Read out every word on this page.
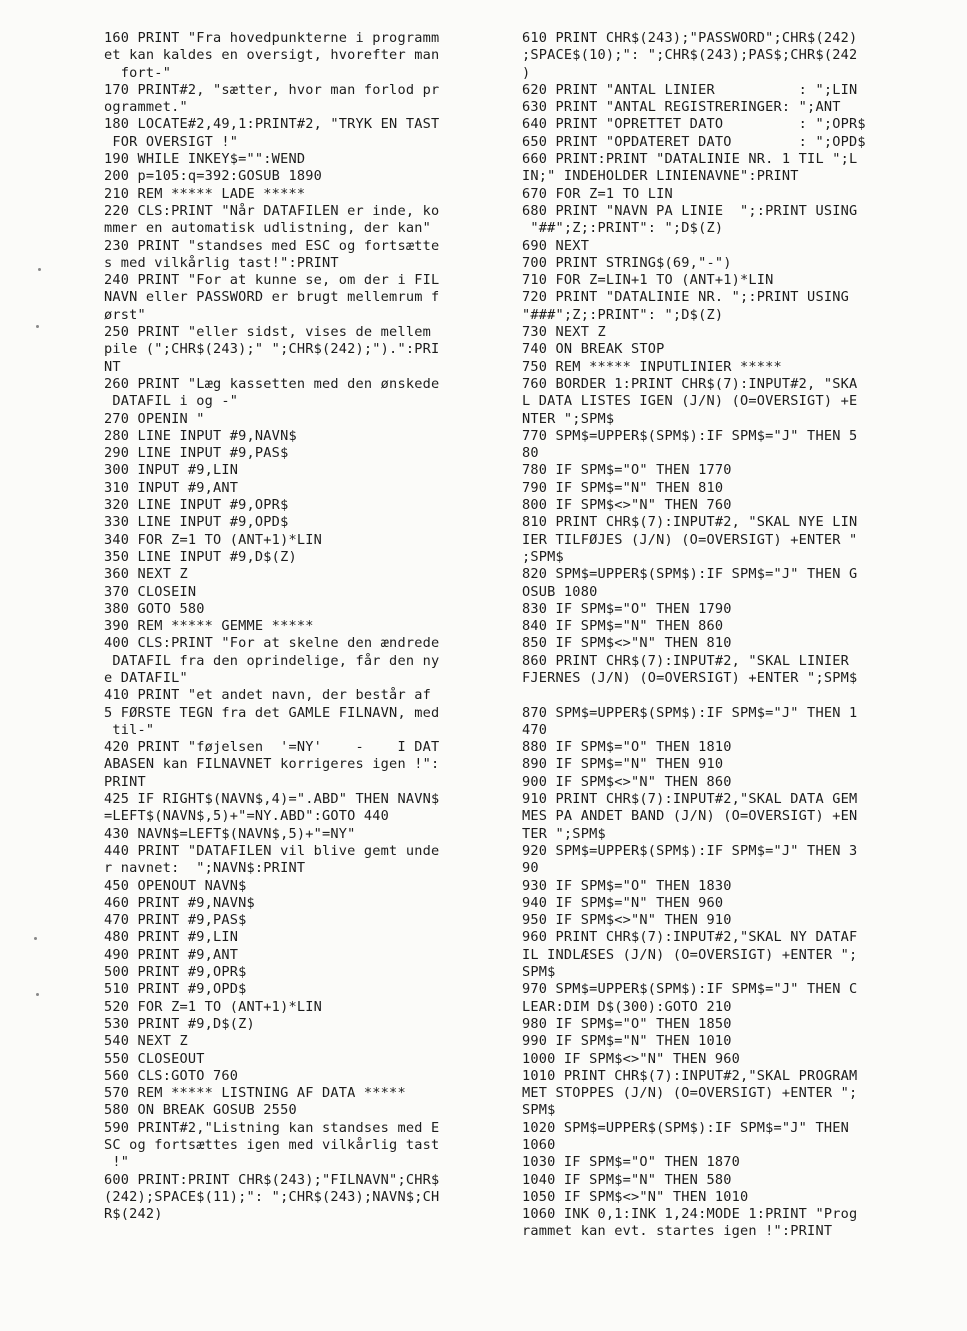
160 PRINT "Fra hovedpunkterne i programm
et kan kaldes en oversigt, hvorefter man
fort-"
170 PRINT#2, "sætter, hvor man forlod pr
ogrammet."
180 LOCATE#2,49,1:PRINT#2, "TRYK EN TAST
FOR OVERSIGT !"
190 WHILE INKEY$="":WEND
200 p=105:q=392:GOSUB 1890
210 REM ***** LADE *****
220 CLS:PRINT "Når DATAFILEN er inde, ko
mmer en automatisk udlistning, der kan"
230 PRINT "standses med ESC og fortsætte
s med vilkårlig tast!":PRINT
240 PRINT "For at kunne se, om der i FIL
NAVN eller PASSWORD er brugt mellemrum f
ørst"
250 PRINT "eller sidst, vises de mellem
pile (";CHR$(243);" ";CHR$(242);").":PRI
NT
260 PRINT "Læg kassetten med den ønskede
DATAFIL i og -"
270 OPENIN "
280 LINE INPUT #9,NAVN$
290 LINE INPUT #9,PAS$
300 INPUT #9,LIN
310 INPUT #9,ANT
320 LINE INPUT #9,OPR$
330 LINE INPUT #9,OPD$
340 FOR Z=1 TO (ANT+1)*LIN
350 LINE INPUT #9,D$(Z)
360 NEXT Z
370 CLOSEIN
380 GOTO 580
390 REM ***** GEMME *****
400 CLS:PRINT "For at skelne den ændrede
DATAFIL fra den oprindelige, får den ny
e DATAFIL"
410 PRINT "et andet navn, der består af
5 FØRSTE TEGN fra det GAMLE FILNAVN, med
til-"
420 PRINT "føjelsen  '=NY'    -    I DAT
ABASEN kan FILNAVNET korrigeres igen !":
PRINT
425 IF RIGHT$(NAVN$,4)=".ABD" THEN NAVN$
=LEFT$(NAVN$,5)+"=NY.ABD":GOTO 440
430 NAVN$=LEFT$(NAVN$,5)+"=NY"
440 PRINT "DATAFILEN vil blive gemt unde
r navnet:  ";NAVN$:PRINT
450 OPENOUT NAVN$
460 PRINT #9,NAVN$
470 PRINT #9,PAS$
480 PRINT #9,LIN
490 PRINT #9,ANT
500 PRINT #9,OPR$
510 PRINT #9,OPD$
520 FOR Z=1 TO (ANT+1)*LIN
530 PRINT #9,D$(Z)
540 NEXT Z
550 CLOSEOUT
560 CLS:GOTO 760
570 REM ***** LISTNING AF DATA *****
580 ON BREAK GOSUB 2550
590 PRINT#2,"Listning kan standses med E
SC og fortsættes igen med vilkårlig tast
!"
600 PRINT:PRINT CHR$(243);"FILNAVN";CHR$
(242);SPACE$(11);": ";CHR$(243);NAVN$;CH
R$(242)
610 PRINT CHR$(243);"PASSWORD";CHR$(242)
;SPACE$(10);": ";CHR$(243);PAS$;CHR$(242
)
620 PRINT "ANTAL LINIER          : ";LIN
630 PRINT "ANTAL REGISTRERINGER: ";ANT
640 PRINT "OPRETTET DATO         : ";OPR$
650 PRINT "OPDATERET DATO        : ";OPD$
660 PRINT:PRINT "DATALINIE NR. 1 TIL ";L
IN;" INDEHOLDER LINIENAVNE":PRINT
670 FOR Z=1 TO LIN
680 PRINT "NAVN PA LINIE  ";:PRINT USING
"##";Z;:PRINT": ";D$(Z)
690 NEXT
700 PRINT STRING$(69,"-")
710 FOR Z=LIN+1 TO (ANT+1)*LIN
720 PRINT "DATALINIE NR. ";:PRINT USING
"###";Z;:PRINT": ";D$(Z)
730 NEXT Z
740 ON BREAK STOP
750 REM ***** INPUTLINIER *****
760 BORDER 1:PRINT CHR$(7):INPUT#2, "SKA
L DATA LISTES IGEN (J/N) (O=OVERSIGT) +E
NTER ";SPM$
770 SPM$=UPPER$(SPM$):IF SPM$="J" THEN 5
80
780 IF SPM$="O" THEN 1770
790 IF SPM$="N" THEN 810
800 IF SPM$<>"N" THEN 760
810 PRINT CHR$(7):INPUT#2, "SKAL NYE LIN
IER TILFØJES (J/N) (O=OVERSIGT) +ENTER "
;SPM$
820 SPM$=UPPER$(SPM$):IF SPM$="J" THEN G
OSUB 1080
830 IF SPM$="O" THEN 1790
840 IF SPM$="N" THEN 860
850 IF SPM$<>"N" THEN 810
860 PRINT CHR$(7):INPUT#2, "SKAL LINIER
FJERNES (J/N) (O=OVERSIGT) +ENTER ";SPM$
870 SPM$=UPPER$(SPM$):IF SPM$="J" THEN 1
470
880 IF SPM$="O" THEN 1810
890 IF SPM$="N" THEN 910
900 IF SPM$<>"N" THEN 860
910 PRINT CHR$(7):INPUT#2,"SKAL DATA GEM
MES PA ANDET BAND (J/N) (O=OVERSIGT) +EN
TER ";SPM$
920 SPM$=UPPER$(SPM$):IF SPM$="J" THEN 3
90
930 IF SPM$="O" THEN 1830
940 IF SPM$="N" THEN 960
950 IF SPM$<>"N" THEN 910
960 PRINT CHR$(7):INPUT#2,"SKAL NY DATAF
IL INDLÆSES (J/N) (O=OVERSIGT) +ENTER ";
SPM$
970 SPM$=UPPER$(SPM$):IF SPM$="J" THEN C
LEAR:DIM D$(300):GOTO 210
980 IF SPM$="O" THEN 1850
990 IF SPM$="N" THEN 1010
1000 IF SPM$<>"N" THEN 960
1010 PRINT CHR$(7):INPUT#2,"SKAL PROGRAM
MET STOPPES (J/N) (O=OVERSIGT) +ENTER ";
SPM$
1020 SPM$=UPPER$(SPM$):IF SPM$="J" THEN
1060
1030 IF SPM$="O" THEN 1870
1040 IF SPM$="N" THEN 580
1050 IF SPM$<>"N" THEN 1010
1060 INK 0,1:INK 1,24:MODE 1:PRINT "Prog
rammet kan evt. startes igen !":PRINT
